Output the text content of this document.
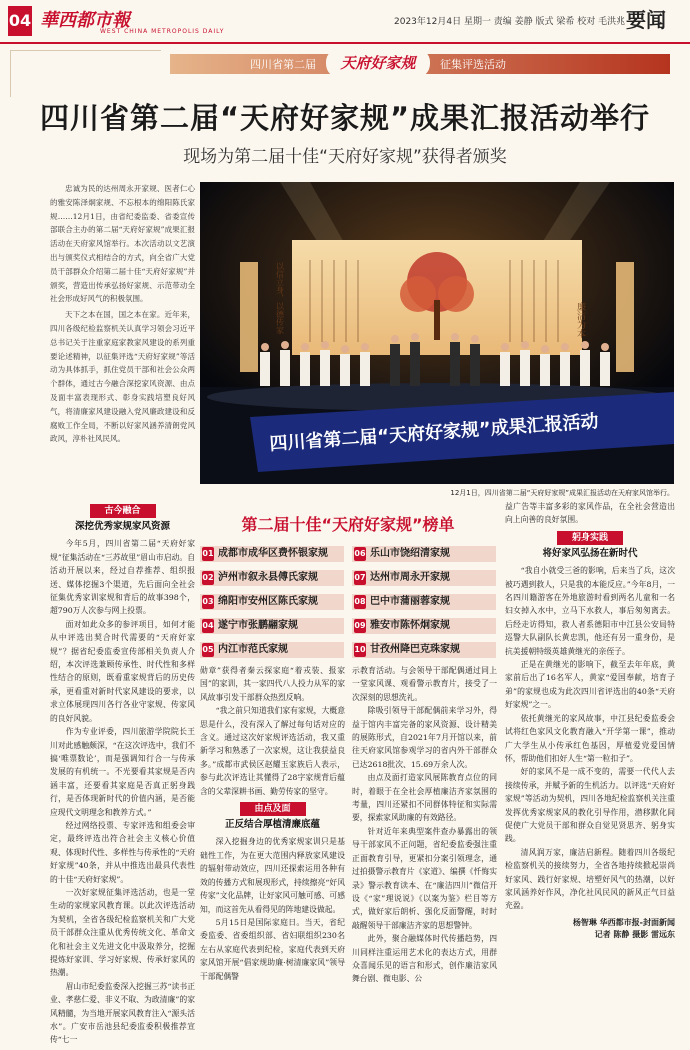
04 華西都市報
WEST CHINA METROPOLIS DAILY
2023年12月4日 星期一 责编 姜静 版式 梁希 校对 毛洪兆 要闻
四川省第二届	天府好家规	征集评选活动
四川省第二届“天府好家规”成果汇报活动举行
现场为第二届十佳“天府好家规”获得者颁奖

忠诚为民的达州周永开家规、医者仁心的雅安陈泽炯家规、不忘根本的绵阳陈氏家规……12月1日，由省纪委监委、省委宣传部联合主办的第二届“天府好家规”成果汇报活动在天府家风馆举行。本次活动以文艺演出与颁奖仪式相结合的方式，向全省广大党员干部群众介绍第二届十佳“天府好家规”并颁奖，营造出传承弘扬好家规、示范带动全社会形成好风气的积极氛围。

天下之本在国，国之本在家。近年来，四川各级纪检监察机关认真学习领会习近平总书记关于注重家庭家教家风建设的系列重要论述精神，以征集评选“天府好家规”等活动为具体抓手，抓住党员干部和社会公众两个群体，通过古今融合深挖家风资源、由点及面丰富表现形式、彰身实践培塑良好风气，将清廉家风建设融入党风廉政建设和反腐败工作全局，不断以好家风涵养清朗党风政风，淳朴社风民风。

廉洁为本
以信立身，以德传家
四川省第二届“天府好家规”成果汇报活动
12月1日，四川省第二届“天府好家规”成果汇报活动在天府家风馆举行。
古今融合
深挖优秀家规家风资源

今年5月，四川省第二届“天府好家规”征集活动在“三苏故里”眉山市启动。自活动开展以来，经过自荐推荐、组织报送、媒体挖掘3个渠道，先后面向全社会征集优秀家训家规和背后的故事398个，超790万人次参与网上投票。

面对如此众多的参评项目，如何才能从中评选出契合时代需要的“天府好家规”？据省纪委监委宣传部相关负责人介绍，本次评选兼顾传承性、时代性和多样性结合的原则，既看重家规背后的历史传承，更看重对新时代家风建设的要求，以求立体展现四川各行各业守家规、传家风的良好风貌。

作为专业评委，四川旅游学院院长王川对此感触颇深，“在这次评选中，我们不搞‘唯票数论’，而是强调知行合一与传承发展的有机统一。不光要看其家规是否内涵丰富，还要看其家庭是否真正躬身践行，是否体现新时代的价值内涵，是否能应现代文明理念和教养方式。”

经过网络投票、专家评选和组委会审定，最终评选出符合社会主义核心价值观、体现时代性、多样性与传承性的“天府好家规”40条，并从中推选出最具代表性的十佳“天府好家规”。

一次好家规征集评选活动，也是一堂生动的家规家风教育课。以此次评选活动为契机，全省各级纪检监察机关和广大党员干部群众注重从优秀传统文化、革命文化和社会主义先进文化中汲取养分，挖掘提炼好家训、学习好家规、传承好家风的热潮。

眉山市纪委监委深入挖掘三苏“读书正业、孝慈仁爱、非义不取、为政清廉”的家风精髓，为当地开展家风教育注入“源头活水”。广安市岳池县纪委监委积极推荐宣传“七一

第二届十佳“天府好家规”榜单
01 成都市成华区费怀银家规
02 泸州市叙永县傅氏家规
03 绵阳市安州区陈氏家规
04 遂宁市张鹏翮家规
05 内江市范氏家规
06 乐山市饶绍清家规
07 达州市周永开家规
08 巴中市蒲丽蓉家规
09 雅安市陈怀炯家规
10 甘孜州降巴克珠家规

勋章”获得者秦云探家庭“着戎装、报家国”的家训，其一家四代八人投力从军的家风故事引发干部群众热烈反响。

“我之前只知道我们家有家规，大概意思是什么，没有深入了解过每句话对应的含义。通过这次好家规评选活动，我又重新学习和熟悉了一次家规，这让我获益良多。”成都市武侯区赵耀玉家族后人表示，参与此次评选让其懂得了28字家规背后蕴含的父辈深耕书画、勤劳传家的坚守。

由点及面
正反结合厚植清廉底蕴

深入挖掘身边的优秀家规家训只是基础性工作，为在更大范围内释放家风建设的辐射带动效应，四川还探索运用各种有效的传播方式和展现形式，持续擦亮“好风传家”文化品牌，让好家风可触可感、可感知，而这首先从看得见的阵地建设做起。

5月15日是国际家庭日。当天，省纪委监委、省委组织部、省妇联组织230名左右从家庭代表到纪检，家庭代表到天府家风馆开展“倡家规助廉·树清廉家风”领导干部配偶警

示教育活动。与会领导干部配偶通过同上一堂家风课、观看警示教育片，接受了一次深刻的思想洗礼。

除吸引领导干部配偶前来学习外，得益于馆内丰富完备的家风资源、设计精美的展陈形式，自2021年7月开馆以来，前往天府家风馆参观学习的省内外干部群众已达2618批次、15.69万余人次。

由点及面打造家风展陈教育点位的同时，着眼于在全社会厚植廉洁齐家氛围的考量，四川还紧扣不同群体特征和实际需要，探索家风助廉的有效路径。

针对近年来典型案件查办暴露出的领导干部家风不正问题，省纪委监委强注重正面教育引导，更紧扣分案引领理念，通过拍摄警示教育片《家道》、编撰《忏悔实录》警示教育读本、在“廉洁四川”微信开设《“家”理说说》《以案为鉴》栏目等方式，做好家后朗析、强化反面警醒，时时敲醒领导干部廉洁齐家的思想警钟。

此外，聚合融媒体时代传播趋势，四川同样注重运用艺术化的表达方式，用群众喜闻乐见的语言和形式，创作廉洁家风舞台剧、微电影、公

益广告等丰富多彩的家风作品，在全社会营造出向上向善的良好氛围。

躬身实践
将好家风弘扬在新时代

“我自小就受三爸的影响，后来当了兵，这次被巧遇到救人，只是我的本能反应。”今年8月，一名四川籍游客在外地旅游时看到两名儿童和一名妇女掉入水中，立马下水救人，事后匆匆离去。后经走访得知，救人者系德阳市中江县公安局特巡警大队副队长黄忠凯，他还有另一重身份，是抗美援朝特级英雄黄继光的亲侄子。

正是在黄继光的影响下，截至去年年底，黄家前后出了16名军人，黄家“爱国奉献，培育子弟”的家规也成为此次四川省评选出的40条“天府好家规”之一。

依托黄继光的家风故事，中江县纪委监委会试将红色家风文化教育融入“开学第一课”，推动广大学生从小传承红色基因，厚植爱党爱国情怀，帮助他们扣好人生“第一粒扣子”。

好的家风不是一成不变的，需要一代代人去接续传承，并赋予新的生机活力。以评选“天府好家规”等活动为契机，四川各地纪检监察机关注重发挥优秀家规家风的教化引导作用，潜移默化间促使广大党员干部和群众自觉见贤思齐、躬身实践。

清风润万家，廉洁启新程。随着四川各级纪检监察机关的接续努力，全省各地持续掀起崇尚好家风、践行好家规、培塑好风气的热潮，以好家风涵养好作风，净化社风民风的新风正气日益充盈。

杨智琳 华西都市报-封面新闻
记者 陈静 摄影 雷远东
